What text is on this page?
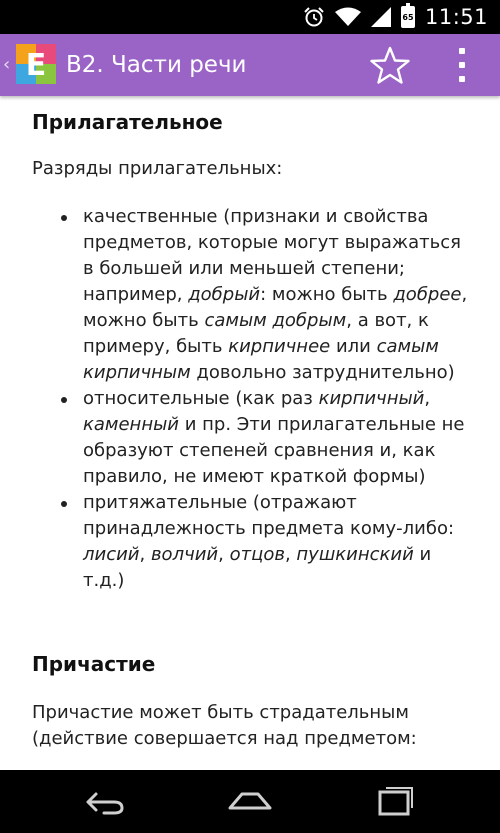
65 11:51
‹ E B2. Части речи
Прилагательное

Разряды прилагательных:

качественные (признаки и свойства предметов, которые могут выражаться в большей или меньшей степени; например, добрый: можно быть добрее, можно быть самым добрым, а вот, к примеру, быть кирпичнее или самым кирпичным довольно затруднительно)
относительные (как раз кирпичный, каменный и пр. Эти прилагательные не образуют степеней сравнения и, как правило, не имеют краткой формы)
притяжательные (отражают принадлежность предмета кому-либо: лисий, волчий, отцов, пушкинский и т.д.)
Причастие

Причастие может быть страдательным (действие совершается над предметом:
